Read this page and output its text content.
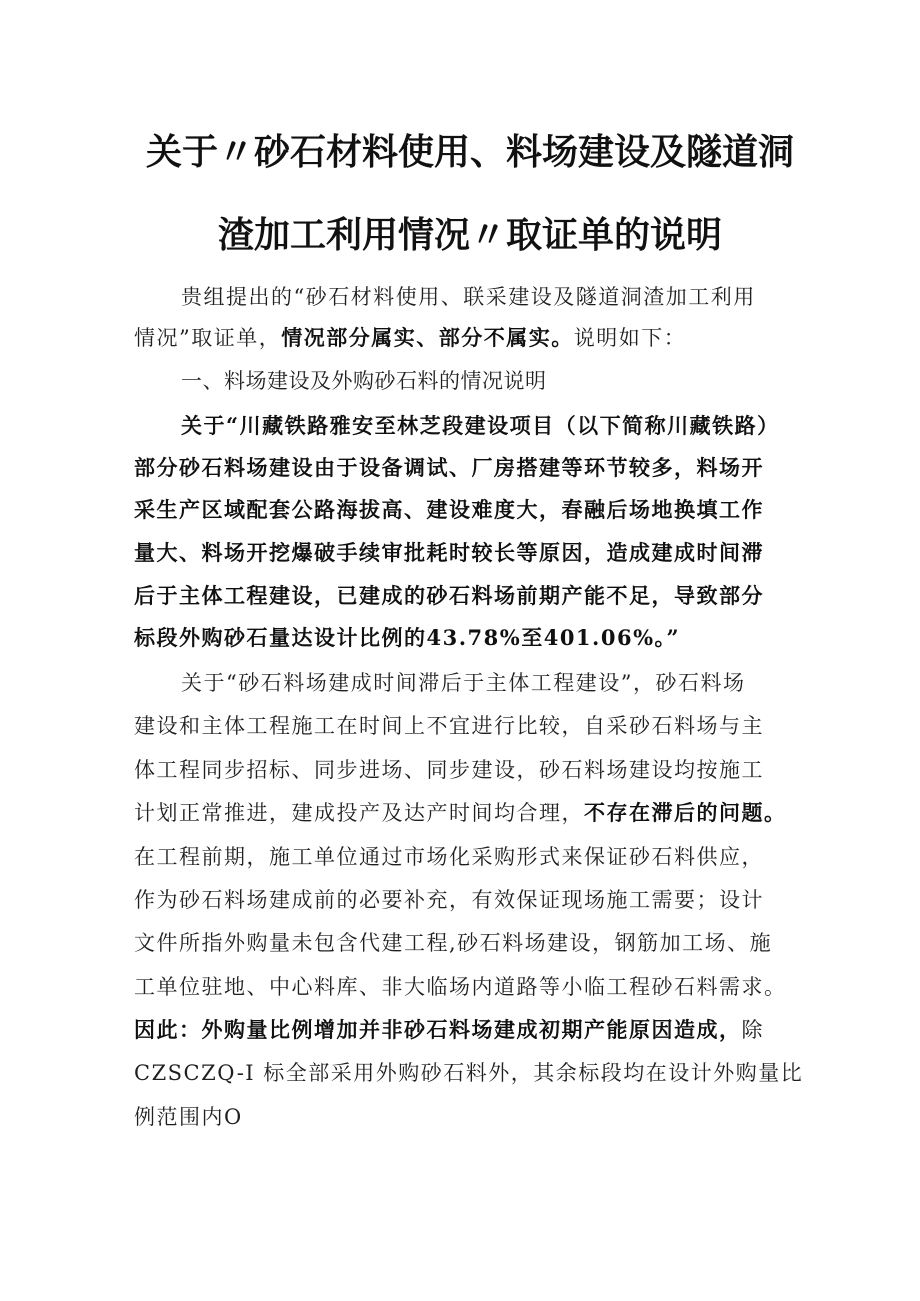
关于〃砂石材料使用、料场建设及隧道洞
渣加工利用情况〃取证单的说明
贵组提出的“砂石材料使用、联采建设及隧道洞渣加工利用
情况”取证单，情况部分属实、部分不属实。说明如下：
一、料场建设及外购砂石料的情况说明
关于“川藏铁路雅安至林芝段建设项目（以下简称川藏铁路）
部分砂石料场建设由于设备调试、厂房搭建等环节较多，料场开
采生产区域配套公路海拔高、建设难度大，春融后场地换填工作
量大、料场开挖爆破手续审批耗时较长等原因，造成建成时间滞
后于主体工程建设，已建成的砂石料场前期产能不足，导致部分
标段外购砂石量达设计比例的43.78%至401.06%。”
关于“砂石料场建成时间滞后于主体工程建设”，砂石料场
建设和主体工程施工在时间上不宜进行比较，自采砂石料场与主
体工程同步招标、同步进场、同步建设，砂石料场建设均按施工
计划正常推进，建成投产及达产时间均合理，不存在滞后的问题。
在工程前期，施工单位通过市场化采购形式来保证砂石料供应，
作为砂石料场建成前的必要补充，有效保证现场施工需要；设计
文件所指外购量未包含代建工程,砂石料场建设，钢筋加工场、施
工单位驻地、中心料库、非大临场内道路等小临工程砂石料需求。
因此：外购量比例增加并非砂石料场建成初期产能原因造成，除
CZSCZQ-I 标全部采用外购砂石料外，其余标段均在设计外购量比
例范围内O
